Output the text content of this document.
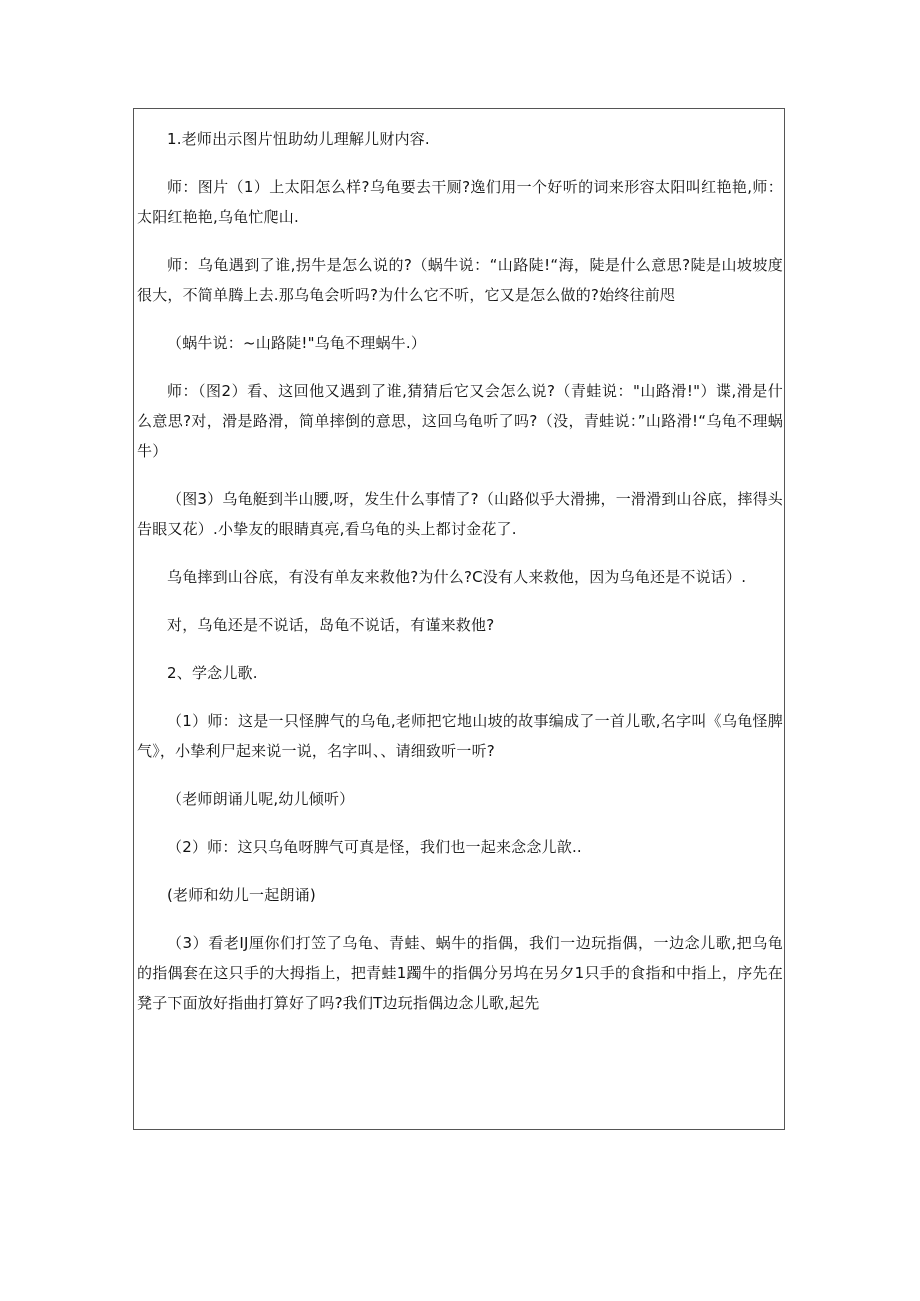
1.老师出示图片忸助幼儿理解儿财内容.

师：图片（1）上太阳怎么样?乌龟要去干厕?逸们用一个好听的词来形容太阳叫红艳艳,师：太阳红艳艳,乌龟忙爬山.

师：乌龟遇到了谁,拐牛是怎么说的?（蜗牛说：“山路陡!“海，陡是什么意思?陡是山坡坡度很大，不简单腾上去.那乌龟会听吗?为什么它不听，它又是怎么做的?始终往前咫

（蜗牛说：~山路陡!"乌龟不理蜗牛.）

师：（图2）看、这回他又遇到了谁,猜猜后它又会怎么说?（青蛙说："山路滑!"）谍,滑是什么意思?对，滑是路滑，简单摔倒的意思，这回乌龟听了吗?（没，青蛙说：”山路滑!“乌龟不理蜗牛）

（图3）乌龟艇到半山腰,呀，发生什么事情了?（山路似乎大滑拂，一滑滑到山谷底，摔得头告眼又花）.小挚友的眼睛真亮,看乌龟的头上都讨金花了.

乌龟摔到山谷底，有没有单友来救他?为什么?C没有人来救他，因为乌龟还是不说话）.

对，乌龟还是不说话，岛龟不说话，有谨来救他?

2、学念儿歌.

（1）师：这是一只怪脾气的乌龟,老师把它地山坡的故事编成了一首儿歌,名字叫《乌龟怪脾气》，小挚利尸起来说一说，名字叫、、请细致听一听?

（老师朗诵儿呢,幼儿倾听）

（2）师：这只乌龟呀脾气可真是怪，我们也一起来念念儿歆..

(老师和幼儿一起朗诵)

（3）看老IJ厘你们打笠了乌龟、青蛙、蜗牛的指偶，我们一边玩指偶，一边念儿歌,把乌龟的指偶套在这只手的大拇指上，把青蛙1躅牛的指偶分另坞在另夕1只手的食指和中指上，序先在凳子下面放好指曲打算好了吗?我们T边玩指偶边念儿歌,起先
